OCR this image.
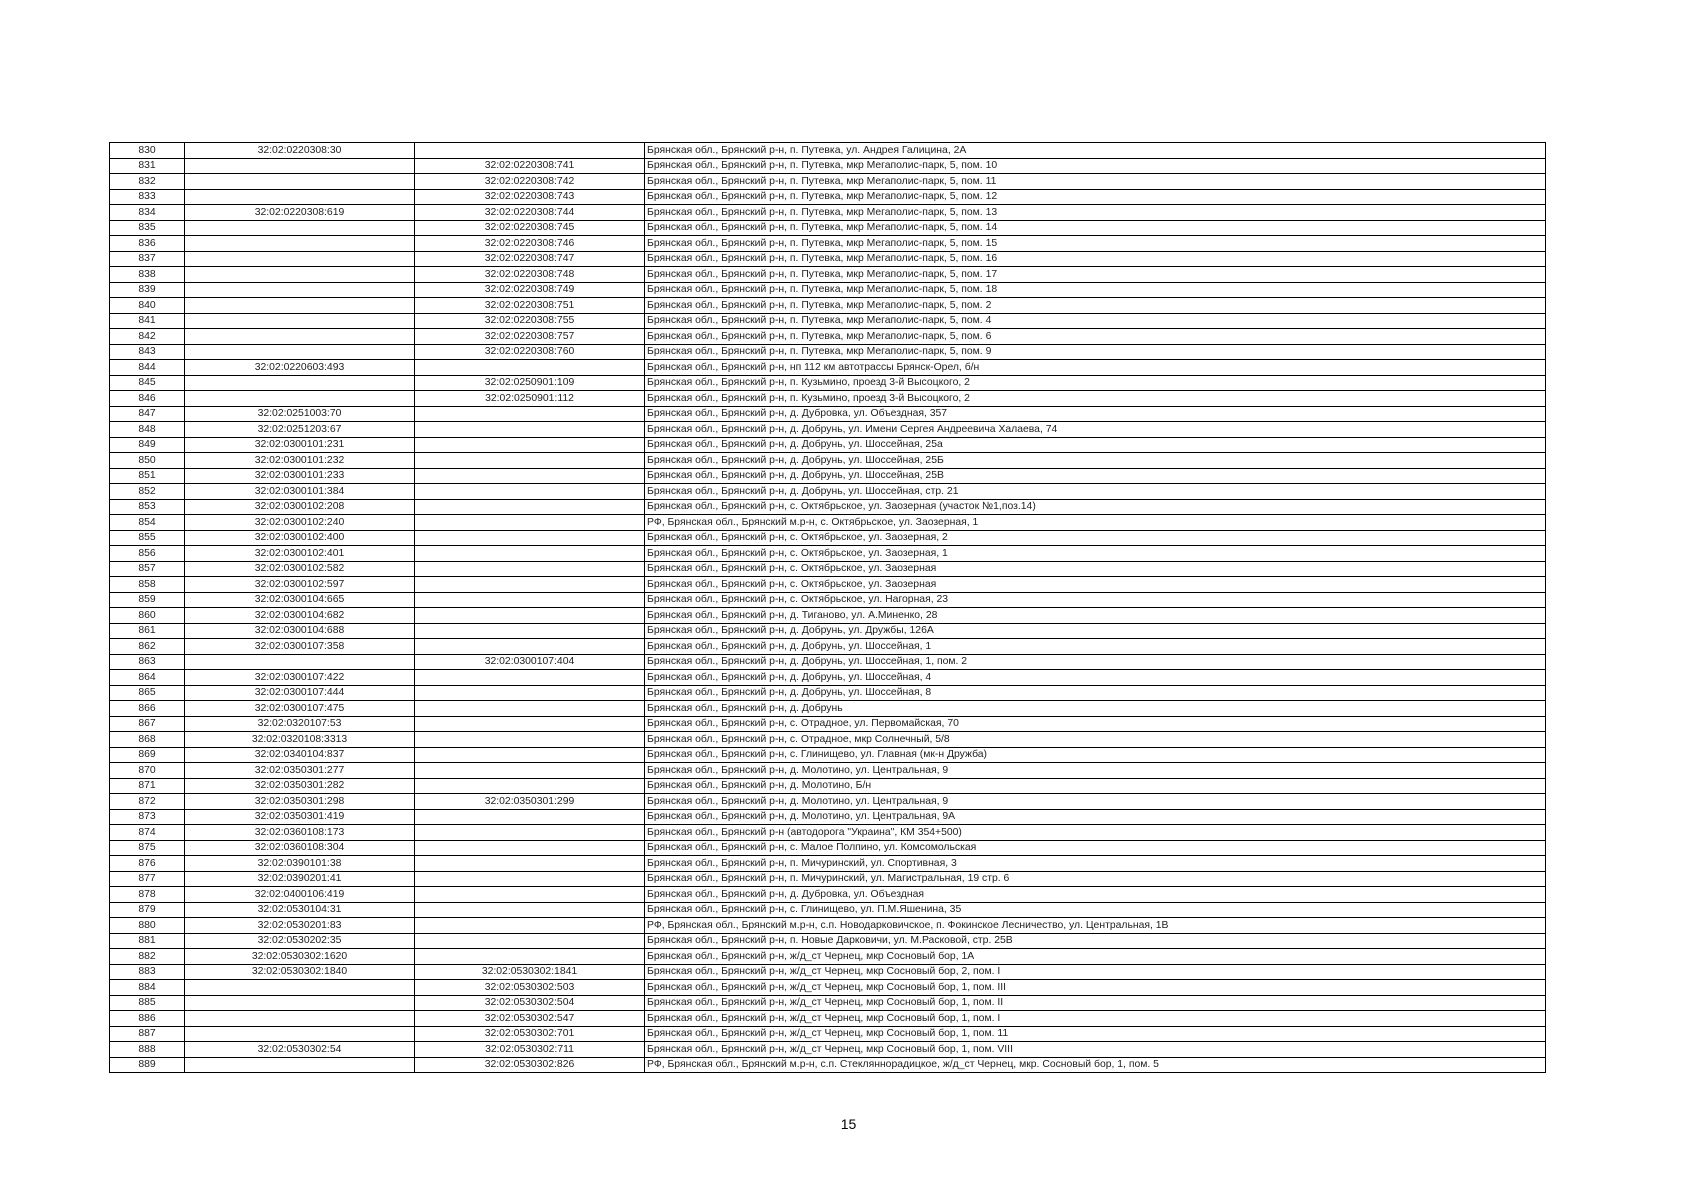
830	32:02:0220308:30		Брянская обл., Брянский р-н, п. Путевка, ул. Андрея Галицина, 2А
831		32:02:0220308:741	Брянская обл., Брянский р-н, п. Путевка, мкр Мегаполис-парк, 5, пом. 10
832		32:02:0220308:742	Брянская обл., Брянский р-н, п. Путевка, мкр Мегаполис-парк, 5, пом. 11
833		32:02:0220308:743	Брянская обл., Брянский р-н, п. Путевка, мкр Мегаполис-парк, 5, пом. 12
834	32:02:0220308:619	32:02:0220308:744	Брянская обл., Брянский р-н, п. Путевка, мкр Мегаполис-парк, 5, пом. 13
835		32:02:0220308:745	Брянская обл., Брянский р-н, п. Путевка, мкр Мегаполис-парк, 5, пом. 14
836		32:02:0220308:746	Брянская обл., Брянский р-н, п. Путевка, мкр Мегаполис-парк, 5, пом. 15
837		32:02:0220308:747	Брянская обл., Брянский р-н, п. Путевка, мкр Мегаполис-парк, 5, пом. 16
838		32:02:0220308:748	Брянская обл., Брянский р-н, п. Путевка, мкр Мегаполис-парк, 5, пом. 17
839		32:02:0220308:749	Брянская обл., Брянский р-н, п. Путевка, мкр Мегаполис-парк, 5, пом. 18
840		32:02:0220308:751	Брянская обл., Брянский р-н, п. Путевка, мкр Мегаполис-парк, 5, пом. 2
841		32:02:0220308:755	Брянская обл., Брянский р-н, п. Путевка, мкр Мегаполис-парк, 5, пом. 4
842		32:02:0220308:757	Брянская обл., Брянский р-н, п. Путевка, мкр Мегаполис-парк, 5, пом. 6
843		32:02:0220308:760	Брянская обл., Брянский р-н, п. Путевка, мкр Мегаполис-парк, 5, пом. 9
844	32:02:0220603:493		Брянская обл., Брянский р-н, нп 112 км автотрассы Брянск-Орел, б/н
845		32:02:0250901:109	Брянская обл., Брянский р-н, п. Кузьмино, проезд 3-й Высоцкого, 2
846		32:02:0250901:112	Брянская обл., Брянский р-н, п. Кузьмино, проезд 3-й Высоцкого, 2
847	32:02:0251003:70		Брянская обл., Брянский р-н, д. Дубровка, ул. Объездная, 357
848	32:02:0251203:67		Брянская обл., Брянский р-н, д. Добрунь, ул. Имени Сергея Андреевича Халаева, 74
849	32:02:0300101:231		Брянская обл., Брянский р-н, д. Добрунь, ул. Шоссейная, 25а
850	32:02:0300101:232		Брянская обл., Брянский р-н, д. Добрунь, ул. Шоссейная, 25Б
851	32:02:0300101:233		Брянская обл., Брянский р-н, д. Добрунь, ул. Шоссейная, 25В
852	32:02:0300101:384		Брянская обл., Брянский р-н, д. Добрунь, ул. Шоссейная, стр. 21
853	32:02:0300102:208		Брянская обл., Брянский р-н, с. Октябрьское, ул. Заозерная (участок №1,поз.14)
854	32:02:0300102:240		РФ, Брянская обл., Брянский м.р-н, с. Октябрьское, ул. Заозерная, 1
855	32:02:0300102:400		Брянская обл., Брянский р-н, с. Октябрьское, ул. Заозерная, 2
856	32:02:0300102:401		Брянская обл., Брянский р-н, с. Октябрьское, ул. Заозерная, 1
857	32:02:0300102:582		Брянская обл., Брянский р-н, с. Октябрьское, ул. Заозерная
858	32:02:0300102:597		Брянская обл., Брянский р-н, с. Октябрьское, ул. Заозерная
859	32:02:0300104:665		Брянская обл., Брянский р-н, с. Октябрьское, ул. Нагорная, 23
860	32:02:0300104:682		Брянская обл., Брянский р-н, д. Тиганово, ул. А.Миненко, 28
861	32:02:0300104:688		Брянская обл., Брянский р-н, д. Добрунь, ул. Дружбы, 126А
862	32:02:0300107:358		Брянская обл., Брянский р-н, д. Добрунь, ул. Шоссейная, 1
863		32:02:0300107:404	Брянская обл., Брянский р-н, д. Добрунь, ул. Шоссейная, 1, пом. 2
864	32:02:0300107:422		Брянская обл., Брянский р-н, д. Добрунь, ул. Шоссейная, 4
865	32:02:0300107:444		Брянская обл., Брянский р-н, д. Добрунь, ул. Шоссейная, 8
866	32:02:0300107:475		Брянская обл., Брянский р-н, д. Добрунь
867	32:02:0320107:53		Брянская обл., Брянский р-н, с. Отрадное, ул. Первомайская, 70
868	32:02:0320108:3313		Брянская обл., Брянский р-н, с. Отрадное, мкр Солнечный, 5/8
869	32:02:0340104:837		Брянская обл., Брянский р-н, с. Глинищево, ул. Главная (мк-н Дружба)
870	32:02:0350301:277		Брянская обл., Брянский р-н, д. Молотино, ул. Центральная, 9
871	32:02:0350301:282		Брянская обл., Брянский р-н, д. Молотино, Б/н
872	32:02:0350301:298	32:02:0350301:299	Брянская обл., Брянский р-н, д. Молотино, ул. Центральная, 9
873	32:02:0350301:419		Брянская обл., Брянский р-н, д. Молотино, ул. Центральная, 9А
874	32:02:0360108:173		Брянская обл., Брянский р-н (автодорога "Украина", КМ 354+500)
875	32:02:0360108:304		Брянская обл., Брянский р-н, с. Малое Полпино, ул. Комсомольская
876	32:02:0390101:38		Брянская обл., Брянский р-н, п. Мичуринский, ул. Спортивная, 3
877	32:02:0390201:41		Брянская обл., Брянский р-н, п. Мичуринский, ул. Магистральная, 19 стр. 6
878	32:02:0400106:419		Брянская обл., Брянский р-н, д. Дубровка, ул. Объездная
879	32:02:0530104:31		Брянская обл., Брянский р-н, с. Глинищево, ул. П.М.Яшенина, 35
880	32:02:0530201:83		РФ, Брянская обл., Брянский м.р-н, с.п. Новодарковичское, п. Фокинское Лесничество, ул. Центральная, 1В
881	32:02:0530202:35		Брянская обл., Брянский р-н, п. Новые Дарковичи, ул. М.Расковой, стр. 25В
882	32:02:0530302:1620		Брянская обл., Брянский р-н, ж/д_ст Чернец, мкр Сосновый бор, 1А
883	32:02:0530302:1840	32:02:0530302:1841	Брянская обл., Брянский р-н, ж/д_ст Чернец, мкр Сосновый бор, 2, пом. I
884		32:02:0530302:503	Брянская обл., Брянский р-н, ж/д_ст Чернец, мкр Сосновый бор, 1, пом. III
885		32:02:0530302:504	Брянская обл., Брянский р-н, ж/д_ст Чернец, мкр Сосновый бор, 1, пом. II
886		32:02:0530302:547	Брянская обл., Брянский р-н, ж/д_ст Чернец, мкр Сосновый бор, 1, пом. I
887		32:02:0530302:701	Брянская обл., Брянский р-н, ж/д_ст Чернец, мкр Сосновый бор, 1, пом. 11
888	32:02:0530302:54	32:02:0530302:711	Брянская обл., Брянский р-н, ж/д_ст Чернец, мкр Сосновый бор, 1, пом. VIII
889		32:02:0530302:826	РФ, Брянская обл., Брянский м.р-н, с.п. Стекляннорадицкое, ж/д_ст Чернец, мкр. Сосновый бор, 1, пом. 5
15
